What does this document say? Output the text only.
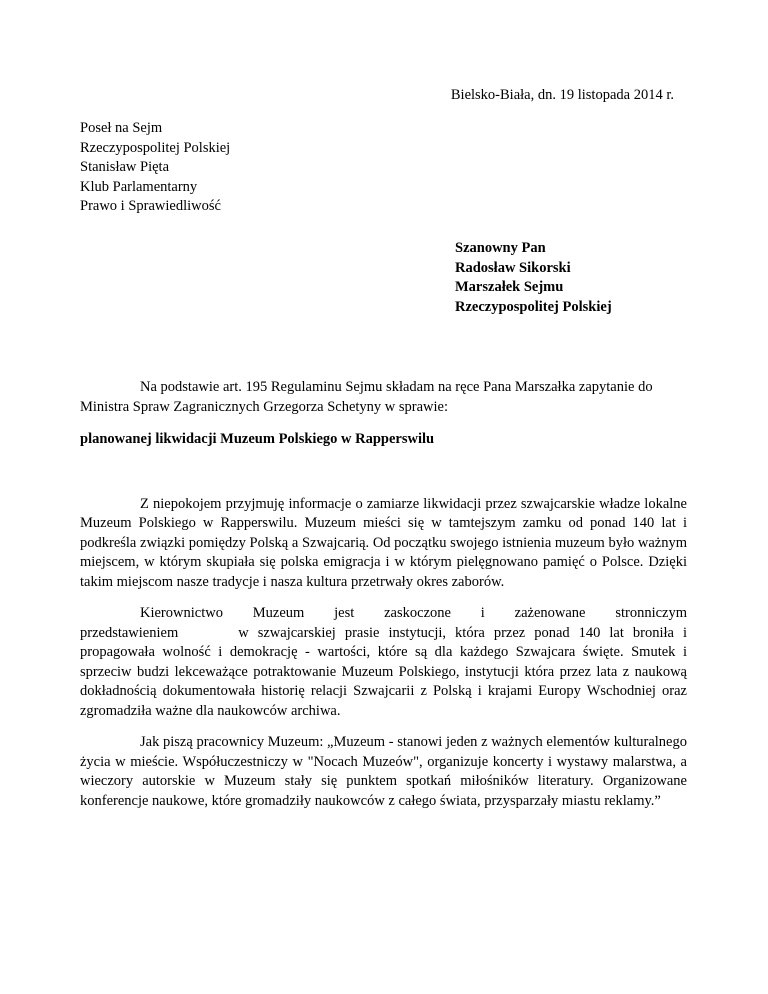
Bielsko-Biała, dn. 19 listopada 2014 r.
Poseł na Sejm
Rzeczypospolitej Polskiej
Stanisław Pięta
Klub Parlamentarny
Prawo i Sprawiedliwość
Szanowny Pan
Radosław Sikorski
Marszałek Sejmu
Rzeczypospolitej Polskiej

Na podstawie art. 195 Regulaminu Sejmu składam na ręce Pana Marszałka zapytanie do Ministra Spraw Zagranicznych Grzegorza Schetyny w sprawie:

planowanej likwidacji Muzeum Polskiego w Rapperswilu

Z niepokojem przyjmuję informacje o zamiarze likwidacji przez szwajcarskie władze lokalne Muzeum Polskiego w Rapperswilu. Muzeum mieści się w tamtejszym zamku od ponad 140 lat i podkreśla związki pomiędzy Polską a Szwajcarią. Od początku swojego istnienia muzeum było ważnym miejscem, w którym skupiała się polska emigracja i w którym pielęgnowano pamięć o Polsce. Dzięki takim miejscom nasze tradycje i nasza kultura przetrwały okres zaborów.

Kierownictwo Muzeum jest zaskoczone i zażenowane stronniczym

przedstawieniem	w szwajcarskiej prasie instytucji, która przez ponad 140 lat broniła i propagowała wolność i demokrację - wartości, które są dla każdego Szwajcara święte. Smutek i sprzeciw budzi lekceważące potraktowanie Muzeum Polskiego, instytucji która przez lata z naukową dokładnością dokumentowała historię relacji Szwajcarii z Polską i krajami Europy Wschodniej oraz zgromadziła ważne dla naukowców archiwa.

Jak piszą pracownicy Muzeum: „Muzeum - stanowi jeden z ważnych elementów kulturalnego życia w mieście. Współuczestniczy w "Nocach Muzeów", organizuje koncerty i wystawy malarstwa, a wieczory autorskie w Muzeum stały się punktem spotkań miłośników literatury. Organizowane konferencje naukowe, które gromadziły naukowców z całego świata, przysparzały miastu reklamy.”
